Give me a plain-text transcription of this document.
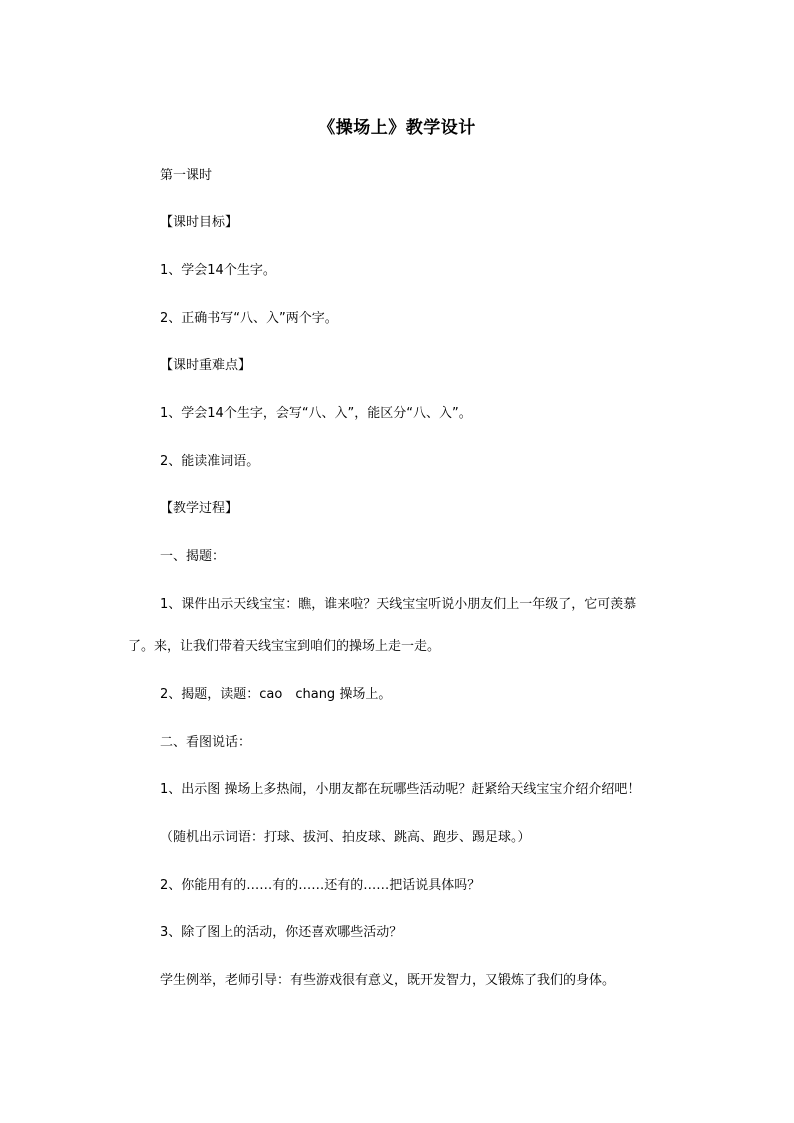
《操场上》教学设计
第一课时
【课时目标】
1、学会14个生字。
2、正确书写“八、入”两个字。
【课时重难点】
1、学会14个生字，会写“八、入”，能区分“八、入”。
2、能读准词语。
【教学过程】
一、揭题：
1、课件出示天线宝宝：瞧，谁来啦？天线宝宝听说小朋友们上一年级了，它可羡慕
了。来，让我们带着天线宝宝到咱们的操场上走一走。
2、揭题，读题：cao　chang 操场上。
二、看图说话：
1、出示图 操场上多热闹，小朋友都在玩哪些活动呢？赶紧给天线宝宝介绍介绍吧！
（随机出示词语：打球、拔河、拍皮球、跳高、跑步、踢足球。）
2、你能用有的……有的……还有的……把话说具体吗？
3、除了图上的活动，你还喜欢哪些活动？
学生例举，老师引导：有些游戏很有意义，既开发智力，又锻炼了我们的身体。
